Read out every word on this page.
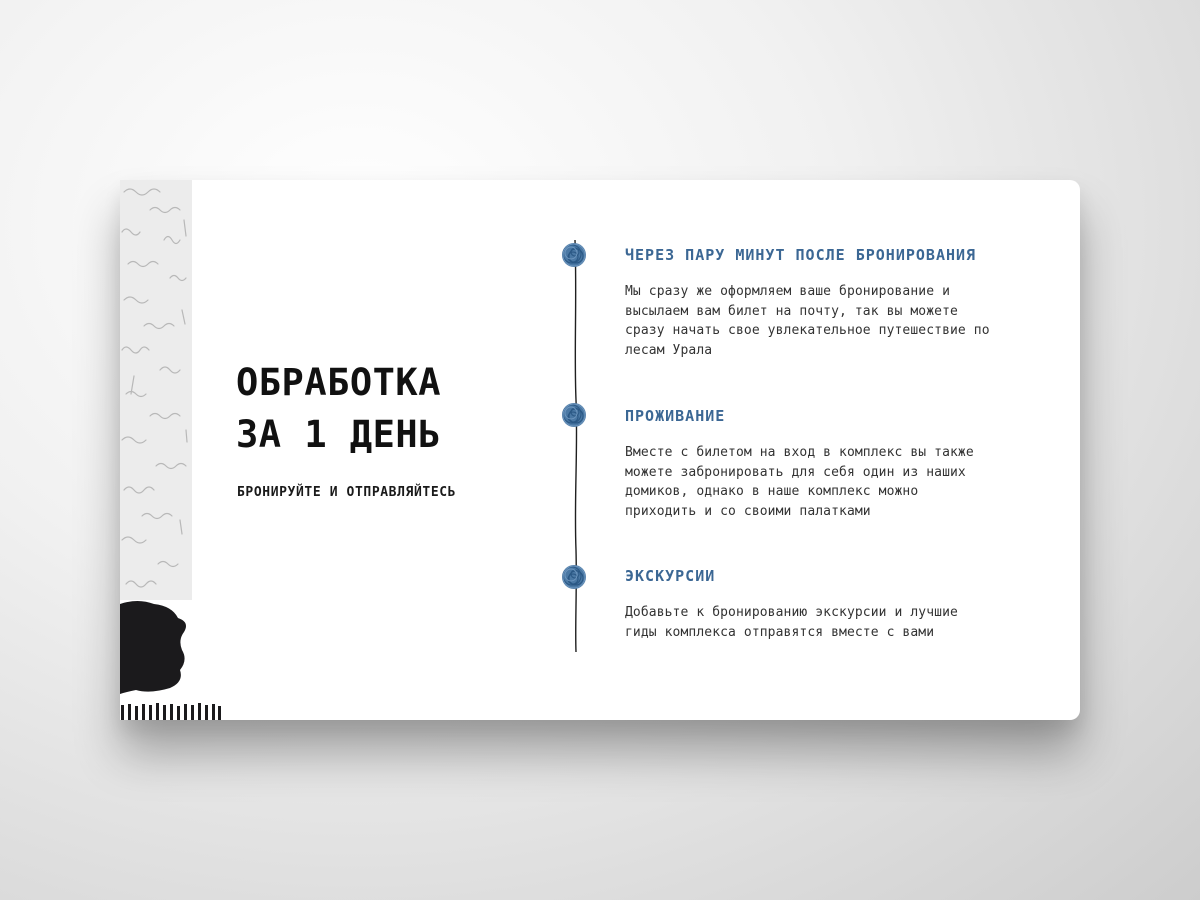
ОБРАБОТКА
ЗА 1 ДЕНЬ
БРОНИРУЙТЕ И ОТПРАВЛЯЙТЕСЬ
ЧЕРЕЗ ПАРУ МИНУТ ПОСЛЕ БРОНИРОВАНИЯ
Мы сразу же оформляем ваше бронирование и
высылаем вам билет на почту, так вы можете
сразу начать свое увлекательное путешествие по
лесам Урала
ПРОЖИВАНИЕ
Вместе с билетом на вход в комплекс вы также
можете забронировать для себя один из наших
домиков, однако в наше комплекс можно
приходить и со своими палатками
ЭКСКУРСИИ
Добавьте к бронированию экскурсии и лучшие
гиды комплекса отправятся вместе с вами
